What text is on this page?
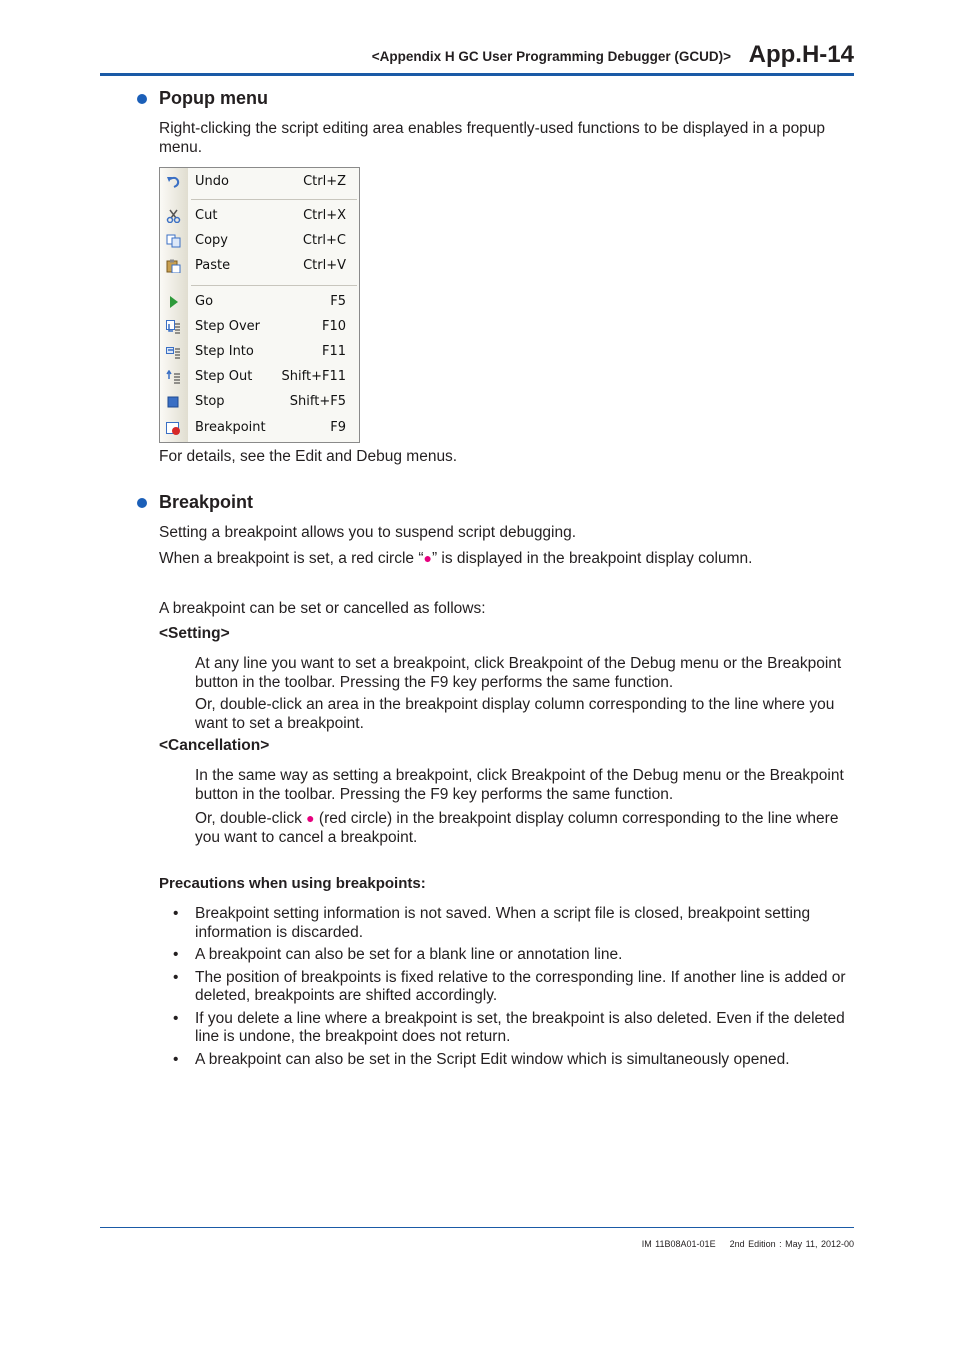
<Appendix H GC User Programming Debugger (GCUD)> App.H-14
Popup menu
Right-clicking the script editing area enables frequently-used functions to be displayed in a popup menu.
Undo	Ctrl+Z
Cut	Ctrl+X
Copy	Ctrl+C
Paste	Ctrl+V
Go	F5
Step Over	F10
Step Into	F11
Step Out Shift+F11
Stop	Shift+F5
Breakpoint	F9
For details, see the Edit and Debug menus.
Breakpoint
Setting a breakpoint allows you to suspend script debugging.
When a breakpoint is set, a red circle “●” is displayed in the breakpoint display column.
A breakpoint can be set or cancelled as follows:
<Setting>
At any line you want to set a breakpoint, click Breakpoint of the Debug menu or the Breakpoint button in the toolbar. Pressing the F9 key performs the same function.
Or, double-click an area in the breakpoint display column corresponding to the line where you want to set a breakpoint.
<Cancellation>
In the same way as setting a breakpoint, click Breakpoint of the Debug menu or the Breakpoint button in the toolbar. Pressing the F9 key performs the same function.
Or, double-click ● (red circle) in the breakpoint display column corresponding to the line where you want to cancel a breakpoint.
Precautions when using breakpoints:
• Breakpoint setting information is not saved. When a script file is closed, breakpoint setting information is discarded.
• A breakpoint can also be set for a blank line or annotation line.
• The position of breakpoints is fixed relative to the corresponding line. If another line is added or deleted, breakpoints are shifted accordingly.
• If you delete a line where a breakpoint is set, the breakpoint is also deleted. Even if the deleted line is undone, the breakpoint does not return.
• A breakpoint can also be set in the Script Edit window which is simultaneously opened.
IM 11B08A01-01E 2nd Edition : May 11, 2012-00
